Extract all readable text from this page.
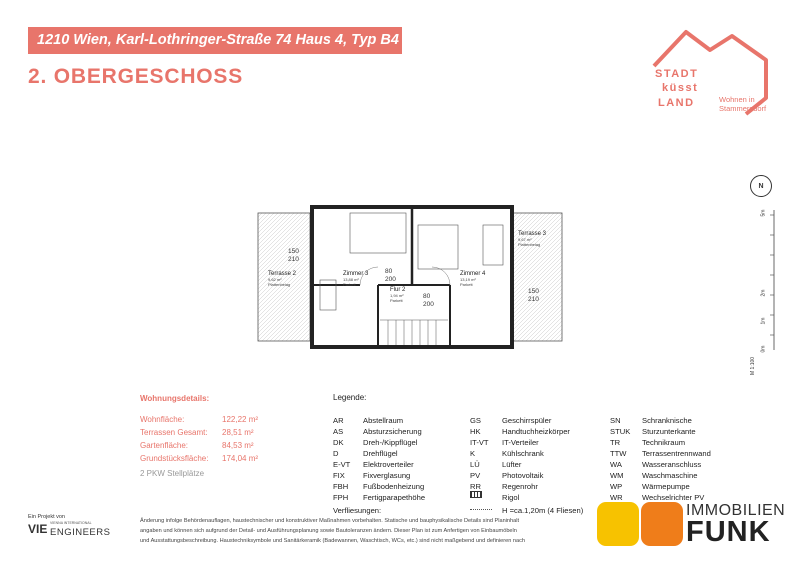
1210 Wien, Karl-Lothringer-Straße 74 Haus 4, Typ B4
2. OBERGESCHOSS	STADT
küsst
LAND	Wohnen in
Stammersdorf
N
5m
2m
1m
0m
M 1:100
150
210
80
200
80
200
150
210
Terrasse 2
9,62 m²
Plattenbelag
Zimmer 3
13,88 m²
Parkett
Flur 2
1,94 m²
Parkett
Zimmer 4
13,19 m²
Parkett
Terrasse 3
9,67 m²
Plattenbelag
Wohnungsdetails:
Wohnfläche:	122,22 m²
Terrassen Gesamt: 28,51 m²
Gartenfläche:	84,53 m²
Grundstücksfläche: 174,04 m²
2 PKW Stellplätze
Legende:
AR	Abstellraum
AS	Absturzsicherung
DK	Dreh-/Kippflügel
D	Drehflügel
E-VT Elektroverteiler
FIX Fixverglasung
FBH Fußbodenheizung
FPH Fertigparapethöhe
GS	Geschirrspüler
HK	Handtuchheizkörper
IT-VT IT-Verteiler
K	Kühlschrank
LÜ	Lüfter
PV	Photovoltaik
RR	Regenrohr
Rigol
SN	Schranknische
STUK Sturzunterkante
TR	Technikraum
TTW Terrassentrennwand
WA	Wasseranschluss
WM Waschmaschine
WP	Wärmepumpe
WR	Wechselrichter PV
Verfliesungen:	H =ca.1,20m (4 Fliesen)
Änderung infolge Behördenauflagen, haustechnischer und konstruktiver Maßnahmen vorbehalten. Statische und bauphysikalische Details sind Planinhalt
angaben und können sich aufgrund der Detail- und Ausführungsplanung sowie Bautoleranzen ändern. Dieser Plan ist zum Anfertigen von Einbaumöbeln
und Ausstattungsbeschreibung. Haustechniksymbole und Sanitärkeramik (Badewannen, Waschtisch, WCs, etc.) sind nicht maßgebend und definieren nach
Ein Projekt von
VIE VIENNA INTERNATIONAL
ENGINEERS
IMMOBILIEN
FUNK
